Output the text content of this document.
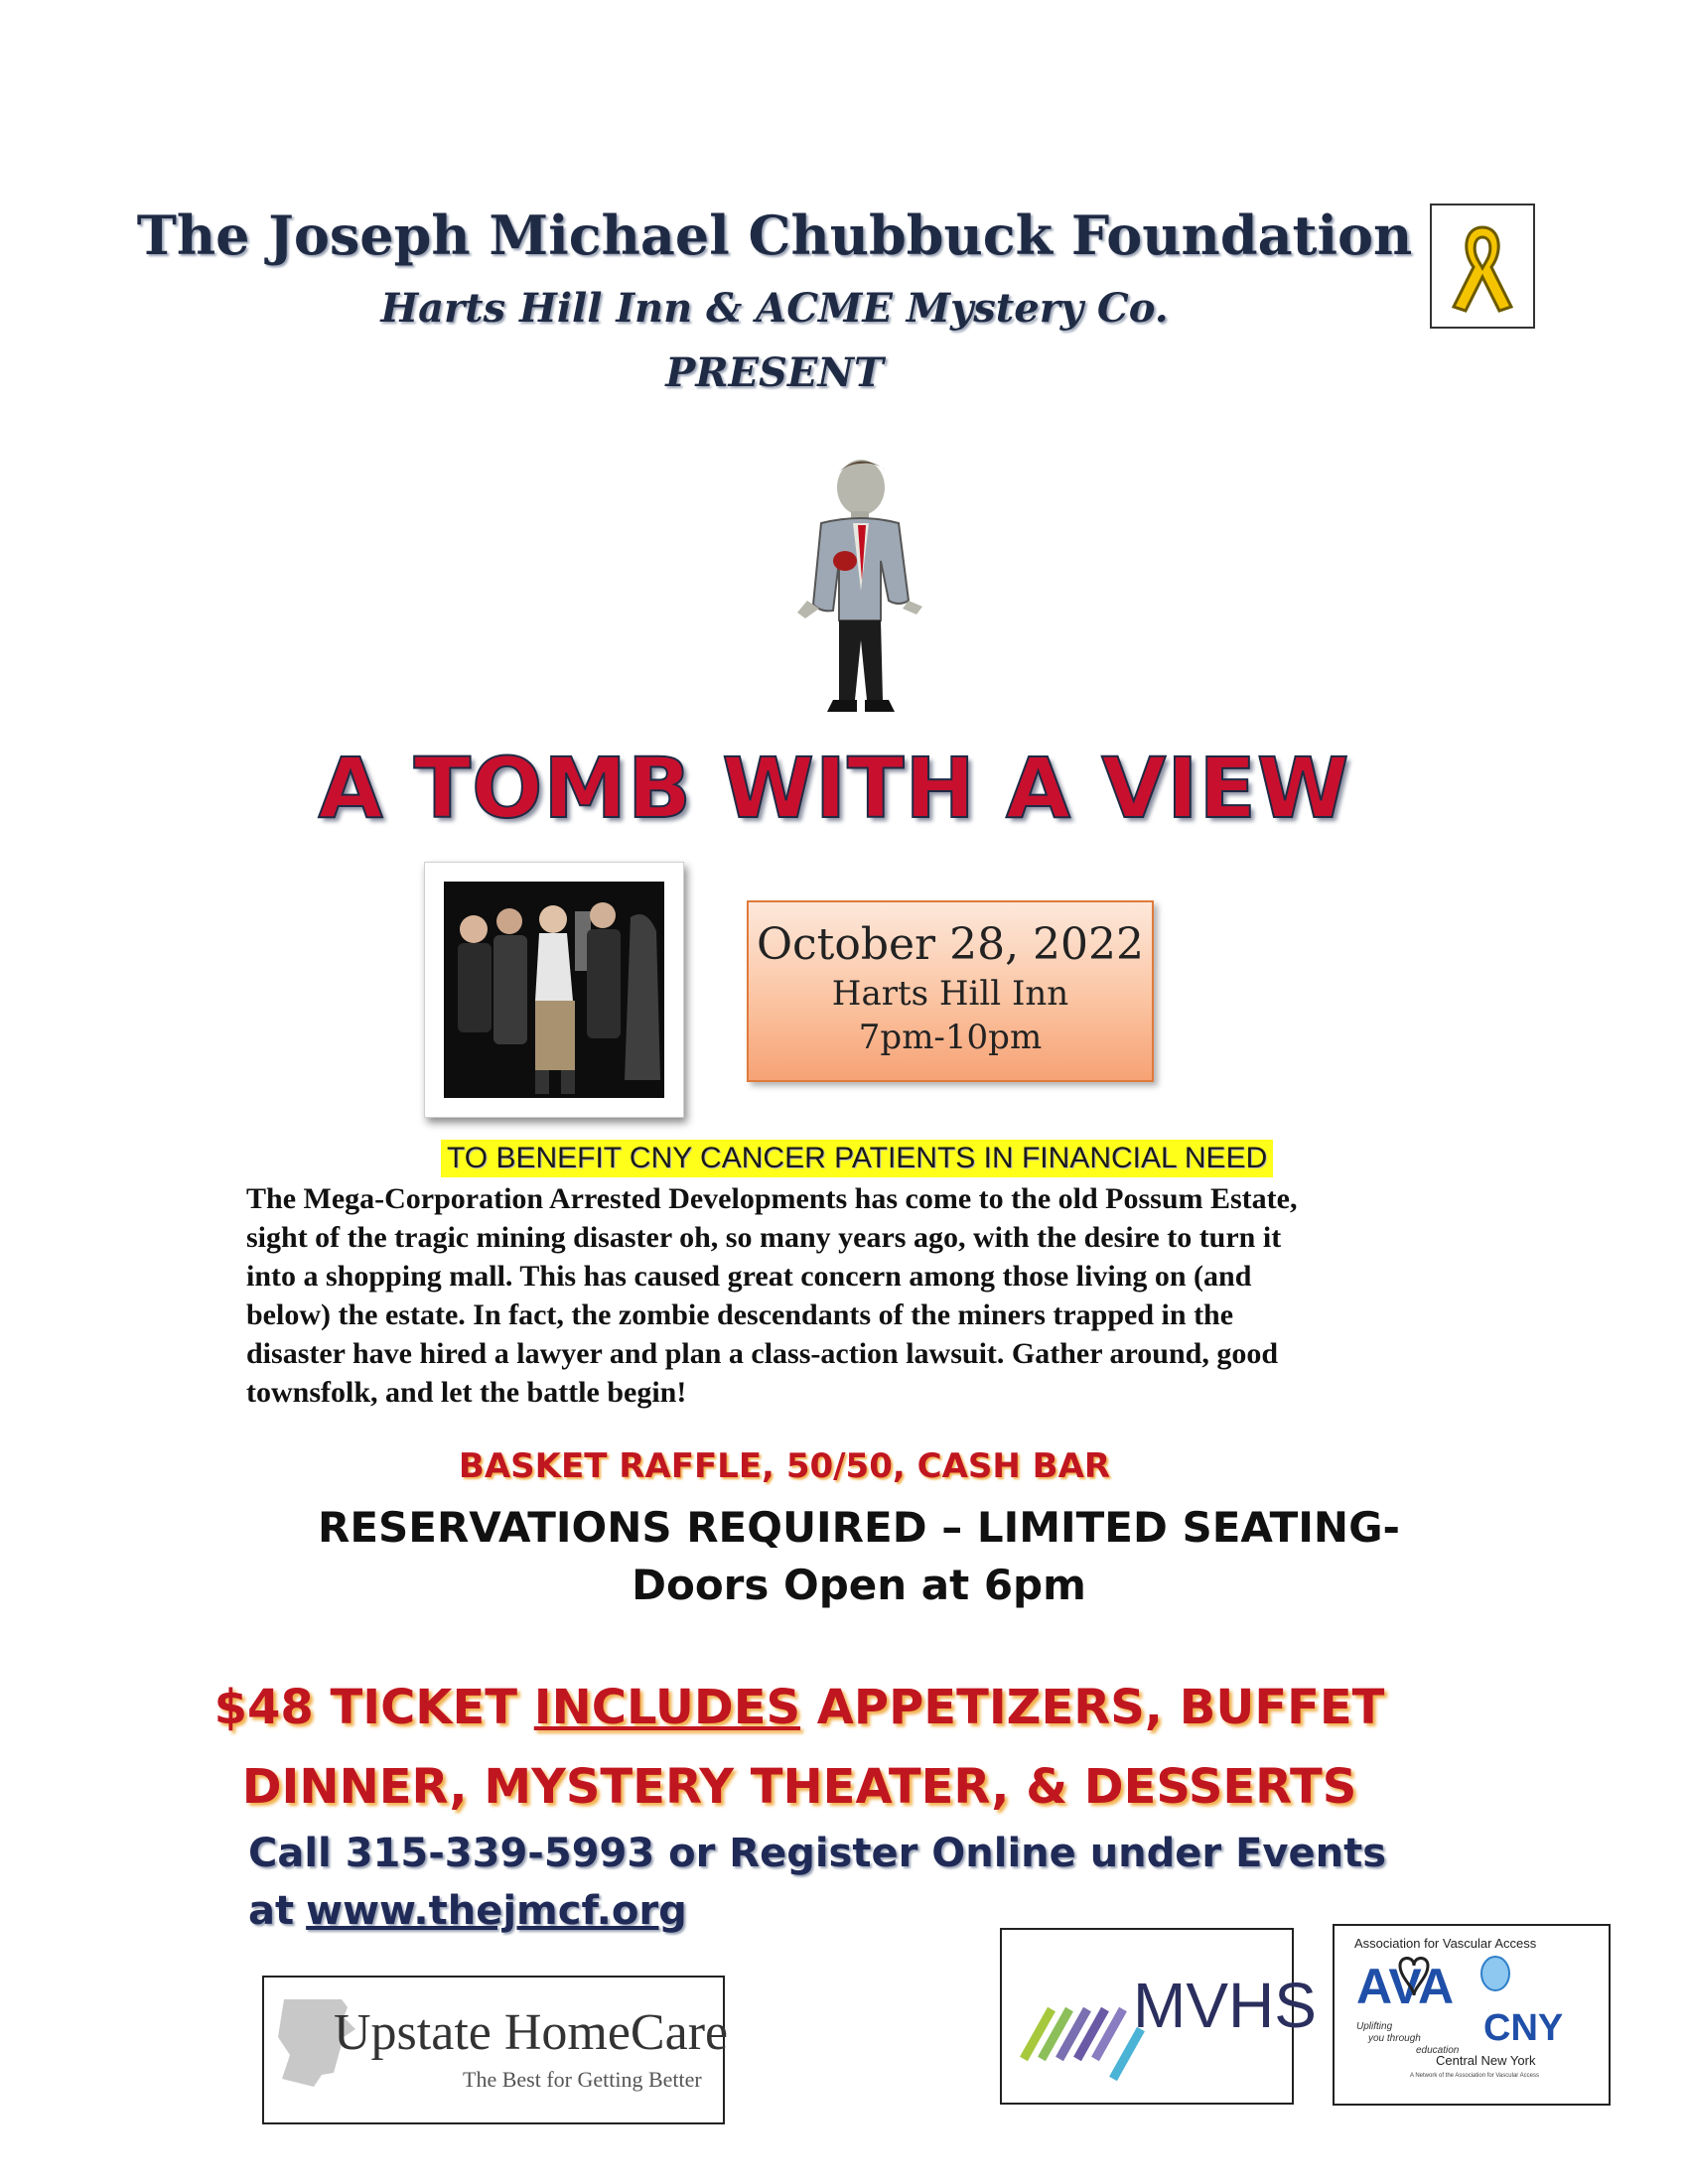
The Joseph Michael Chubbuck Foundation
Harts Hill Inn & ACME Mystery Co.
PRESENT
A TOMB WITH A VIEW
October 28, 2022
Harts Hill Inn
7pm-10pm
TO BENEFIT CNY CANCER PATIENTS IN FINANCIAL NEED
The Mega-Corporation Arrested Developments has come to the old Possum Estate,
sight of the tragic mining disaster oh, so many years ago, with the desire to turn it
into a shopping mall. This has caused great concern among those living on (and
below) the estate. In fact, the zombie descendants of the miners trapped in the
disaster have hired a lawyer and plan a class-action lawsuit. Gather around, good
townsfolk, and let the battle begin!
BASKET RAFFLE, 50/50, CASH BAR
RESERVATIONS REQUIRED – LIMITED SEATING-
Doors Open at 6pm
$48 TICKET INCLUDES APPETIZERS, BUFFET
DINNER, MYSTERY THEATER, & DESSERTS
Call 315-339-5993 or Register Online under Events
at www.thejmcf.org
Upstate HomeCare
The Best for Getting Better
MVHS
Association for Vascular Access
AVA
CNY
Uplifting
you through
education
Central New York
A Network of the Association for Vascular Access
